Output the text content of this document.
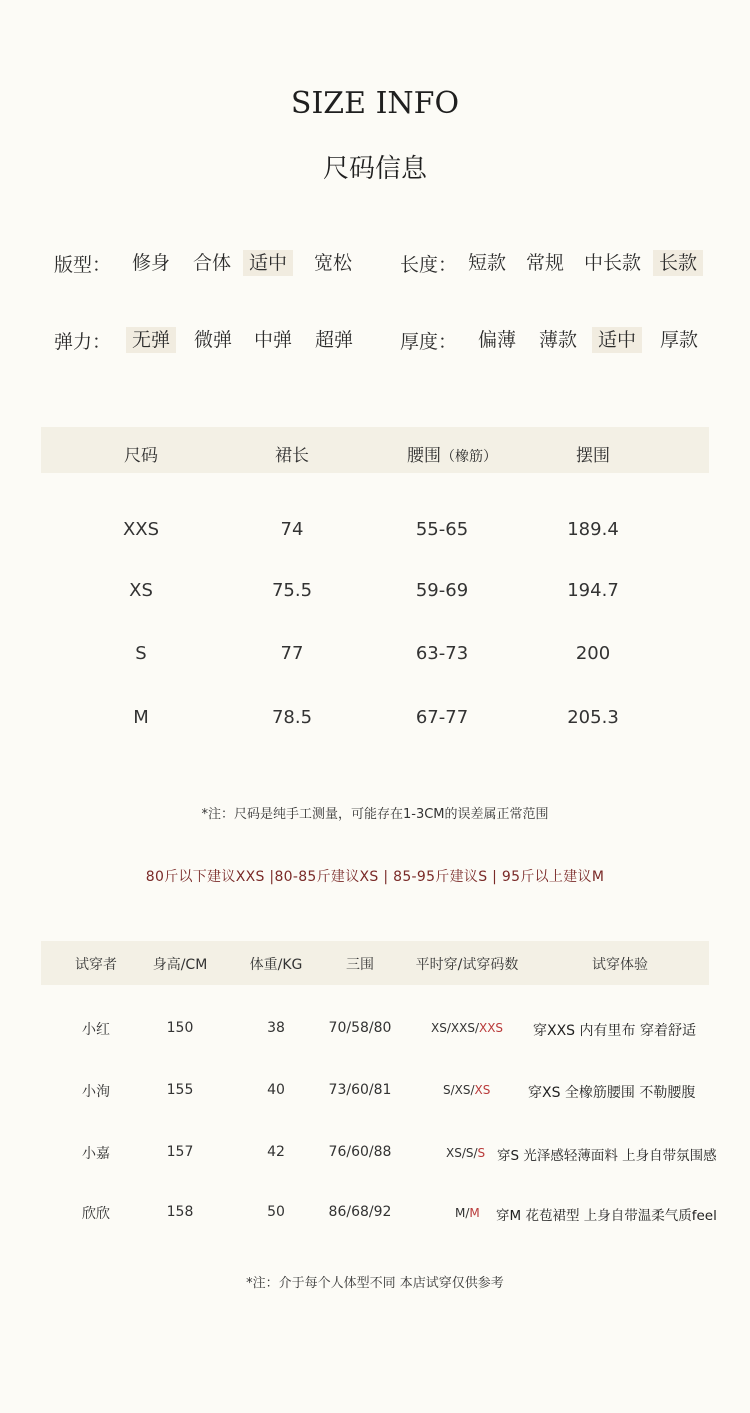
SIZE INFO
尺码信息
版型：	修身	合体 适中	宽松	长度： 短款	常规	中长款 长款
弹力：	无弹	微弹	中弹	超弹	厚度：	偏薄	薄款	适中	厚款
尺码	裙长	腰围（橡筋）	摆围
XXS	74	55-65	189.4
XS	75.5	59-69	194.7
S	77	63-73	200
M	78.5	67-77	205.3
*注：尺码是纯手工测量，可能存在1-3CM的误差属正常范围
80斤以下建议XXS |80-85斤建议XS | 85-95斤建议S | 95斤以上建议M
试穿者	身高/CM	体重/KG	三围	平时穿/试穿码数	试穿体验
小红	150	38	70/58/80	XS/XXS/XXS 穿XXS 内有里布 穿着舒适
小洵	155	40	73/60/81	S/XS/XS	穿XS 全橡筋腰围 不勒腰腹
小嘉	157	42	76/60/88	XS/S/S 穿S 光泽感轻薄面料 上身自带氛围感
欣欣	158	50	86/68/92	M/M 穿M 花苞裙型 上身自带温柔气质feel
*注：介于每个人体型不同 本店试穿仅供参考
